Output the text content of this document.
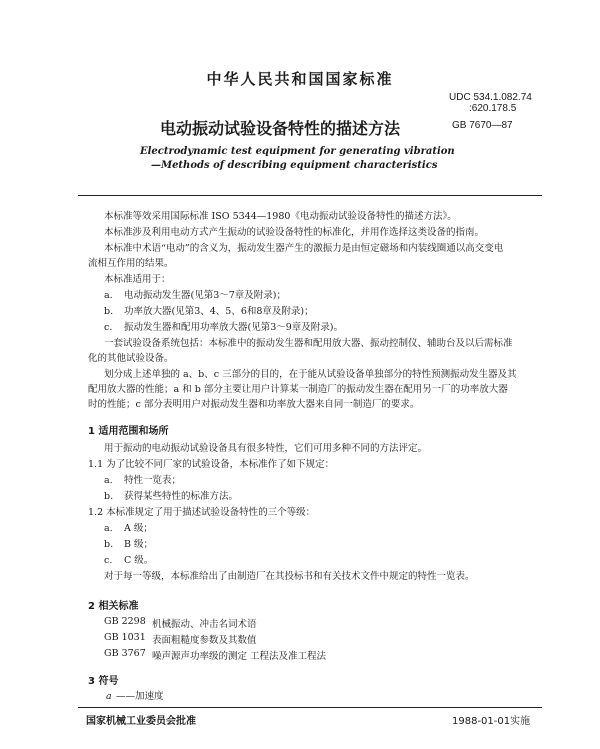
中华人民共和国国家标准
UDC 534.1.082.74
:620.178.5
电动振动试验设备特性的描述方法	GB 7670—87
Electrodynamic test equipment for generating vibration
—Methods of describing equipment characteristics
本标准等效采用国际标准 ISO 5344—1980《电动振动试验设备特性的描述方法》。
本标准涉及利用电动方式产生振动的试验设备特性的标准化，并用作选择这类设备的指南。
本标准中术语“电动”的含义为，振动发生器产生的激振力是由恒定磁场和内装线圈通以高交变电
流相互作用的结果。
本标准适用于：
a. 电动振动发生器(见第3～7章及附录)；
b. 功率放大器(见第3、4、5、6和8章及附录)；
c. 振动发生器和配用功率放大器(见第3～9章及附录)。
一套试验设备系统包括：本标准中的振动发生器和配用放大器、振动控制仪、辅助台及以后需标准
化的其他试验设备。
划分成上述单独的 a、b、c 三部分的目的，在于能从试验设备单独部分的特性预测振动发生器及其
配用放大器的性能；a 和 b 部分主要让用户计算某一制造厂的振动发生器在配用另一厂的功率放大器
时的性能；c 部分表明用户对振动发生器和功率放大器来自同一制造厂的要求。
1 适用范围和场所
用于振动的电动振动试验设备具有很多特性，它们可用多种不同的方法评定。
1.1 为了比较不同厂家的试验设备，本标准作了如下规定：
a. 特性一览表；
b. 获得某些特性的标准方法。
1.2 本标准规定了用于描述试验设备特性的三个等级：
a. A 级；
b. B 级；
c. C 级。
对于每一等级，本标准给出了由制造厂在其投标书和有关技术文件中规定的特性一览表。
2 相关标准
GB 2298 机械振动、冲击名词术语
GB 1031 表面粗糙度参数及其数值
GB 3767 噪声源声功率级的测定 工程法及准工程法
3 符号
a ——加速度
国家机械工业委员会批准	1988-01-01实施
